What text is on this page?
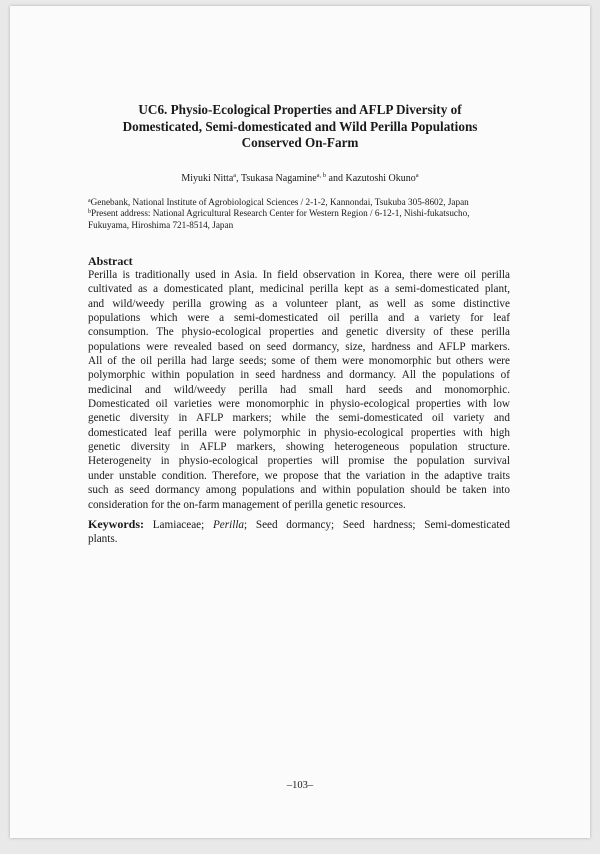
UC6. Physio-Ecological Properties and AFLP Diversity of
Domesticated, Semi-domesticated and Wild Perilla Populations
Conserved On-Farm
Miyuki Nitta$^a$, Tsukasa Nagamine$^{a, b}$ and Kazutoshi Okuno$^a$
$^a$Genebank, National Institute of Agrobiological Sciences / 2-1-2, Kannondai, Tsukuba 305-8602, Japan
$^b$Present address: National Agricultural Research Center for Western Region / 6-12-1, Nishi-fukatsucho,
Fukuyama, Hiroshima 721-8514, Japan
Abstract
Perilla is traditionally used in Asia. In field observation in Korea, there were oil perilla
cultivated as a domesticated plant, medicinal perilla kept as a semi-domesticated plant,
and wild/weedy perilla growing as a volunteer plant, as well as some distinctive
populations which were a semi-domesticated oil perilla and a variety for leaf
consumption. The physio-ecological properties and genetic diversity of these perilla
populations were revealed based on seed dormancy, size, hardness and AFLP markers.
All of the oil perilla had large seeds; some of them were monomorphic but others were
polymorphic within population in seed hardness and dormancy. All the populations of
medicinal and wild/weedy perilla had small hard seeds and monomorphic.
Domesticated oil varieties were monomorphic in physio-ecological properties with low
genetic diversity in AFLP markers; while the semi-domesticated oil variety and
domesticated leaf perilla were polymorphic in physio-ecological properties with high
genetic diversity in AFLP markers, showing heterogeneous population structure.
Heterogeneity in physio-ecological properties will promise the population survival
under unstable condition. Therefore, we propose that the variation in the adaptive traits
such as seed dormancy among populations and within population should be taken into
consideration for the on-farm management of perilla genetic resources.
Keywords: Lamiaceae; Perilla; Seed dormancy; Seed hardness; Semi-domesticated
plants.
–103–
